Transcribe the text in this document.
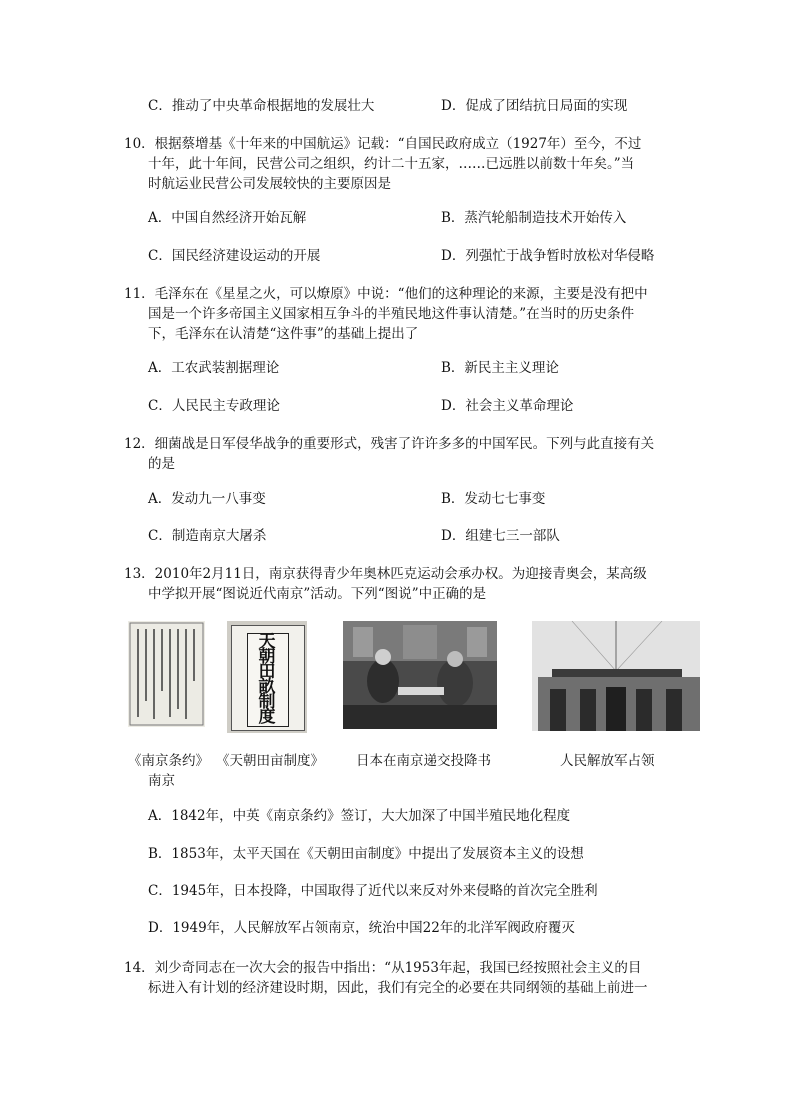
C．推动了中央革命根据地的发展壮大	D．促成了团结抗日局面的实现
10．根据蔡增基《十年来的中国航运》记载：“自国民政府成立（1927年）至今，不过
十年，此十年间，民营公司之组织，约计二十五家，……已远胜以前数十年矣。”当
时航运业民营公司发展较快的主要原因是
A．中国自然经济开始瓦解	B．蒸汽轮船制造技术开始传入
C．国民经济建设运动的开展	D．列强忙于战争暂时放松对华侵略
11．毛泽东在《星星之火，可以燎原》中说：“他们的这种理论的来源，主要是没有把中
国是一个许多帝国主义国家相互争斗的半殖民地这件事认清楚。”在当时的历史条件
下，毛泽东在认清楚“这件事”的基础上提出了
A．工农武装割据理论	B．新民主主义理论
C．人民民主专政理论	D．社会主义革命理论
12．细菌战是日军侵华战争的重要形式，残害了许许多多的中国军民。下列与此直接有关
的是
A．发动九一八事变	B．发动七七事变
C．制造南京大屠杀	D．组建七三一部队
13．2010年2月11日，南京获得青少年奥林匹克运动会承办权。为迎接青奥会，某高级
中学拟开展“图说近代南京”活动。下列“图说”中正确的是
天
朝
田
畝
制
度
《南京条约》 《天朝田亩制度》 日本在南京递交投降书	人民解放军占领
南京
A．1842年，中英《南京条约》签订，大大加深了中国半殖民地化程度
B．1853年，太平天国在《天朝田亩制度》中提出了发展资本主义的设想
C．1945年，日本投降，中国取得了近代以来反对外来侵略的首次完全胜利
D．1949年，人民解放军占领南京，统治中国22年的北洋军阀政府覆灭
14．刘少奇同志在一次大会的报告中指出：“从1953年起，我国已经按照社会主义的目
标进入有计划的经济建设时期，因此，我们有完全的必要在共同纲领的基础上前进一
